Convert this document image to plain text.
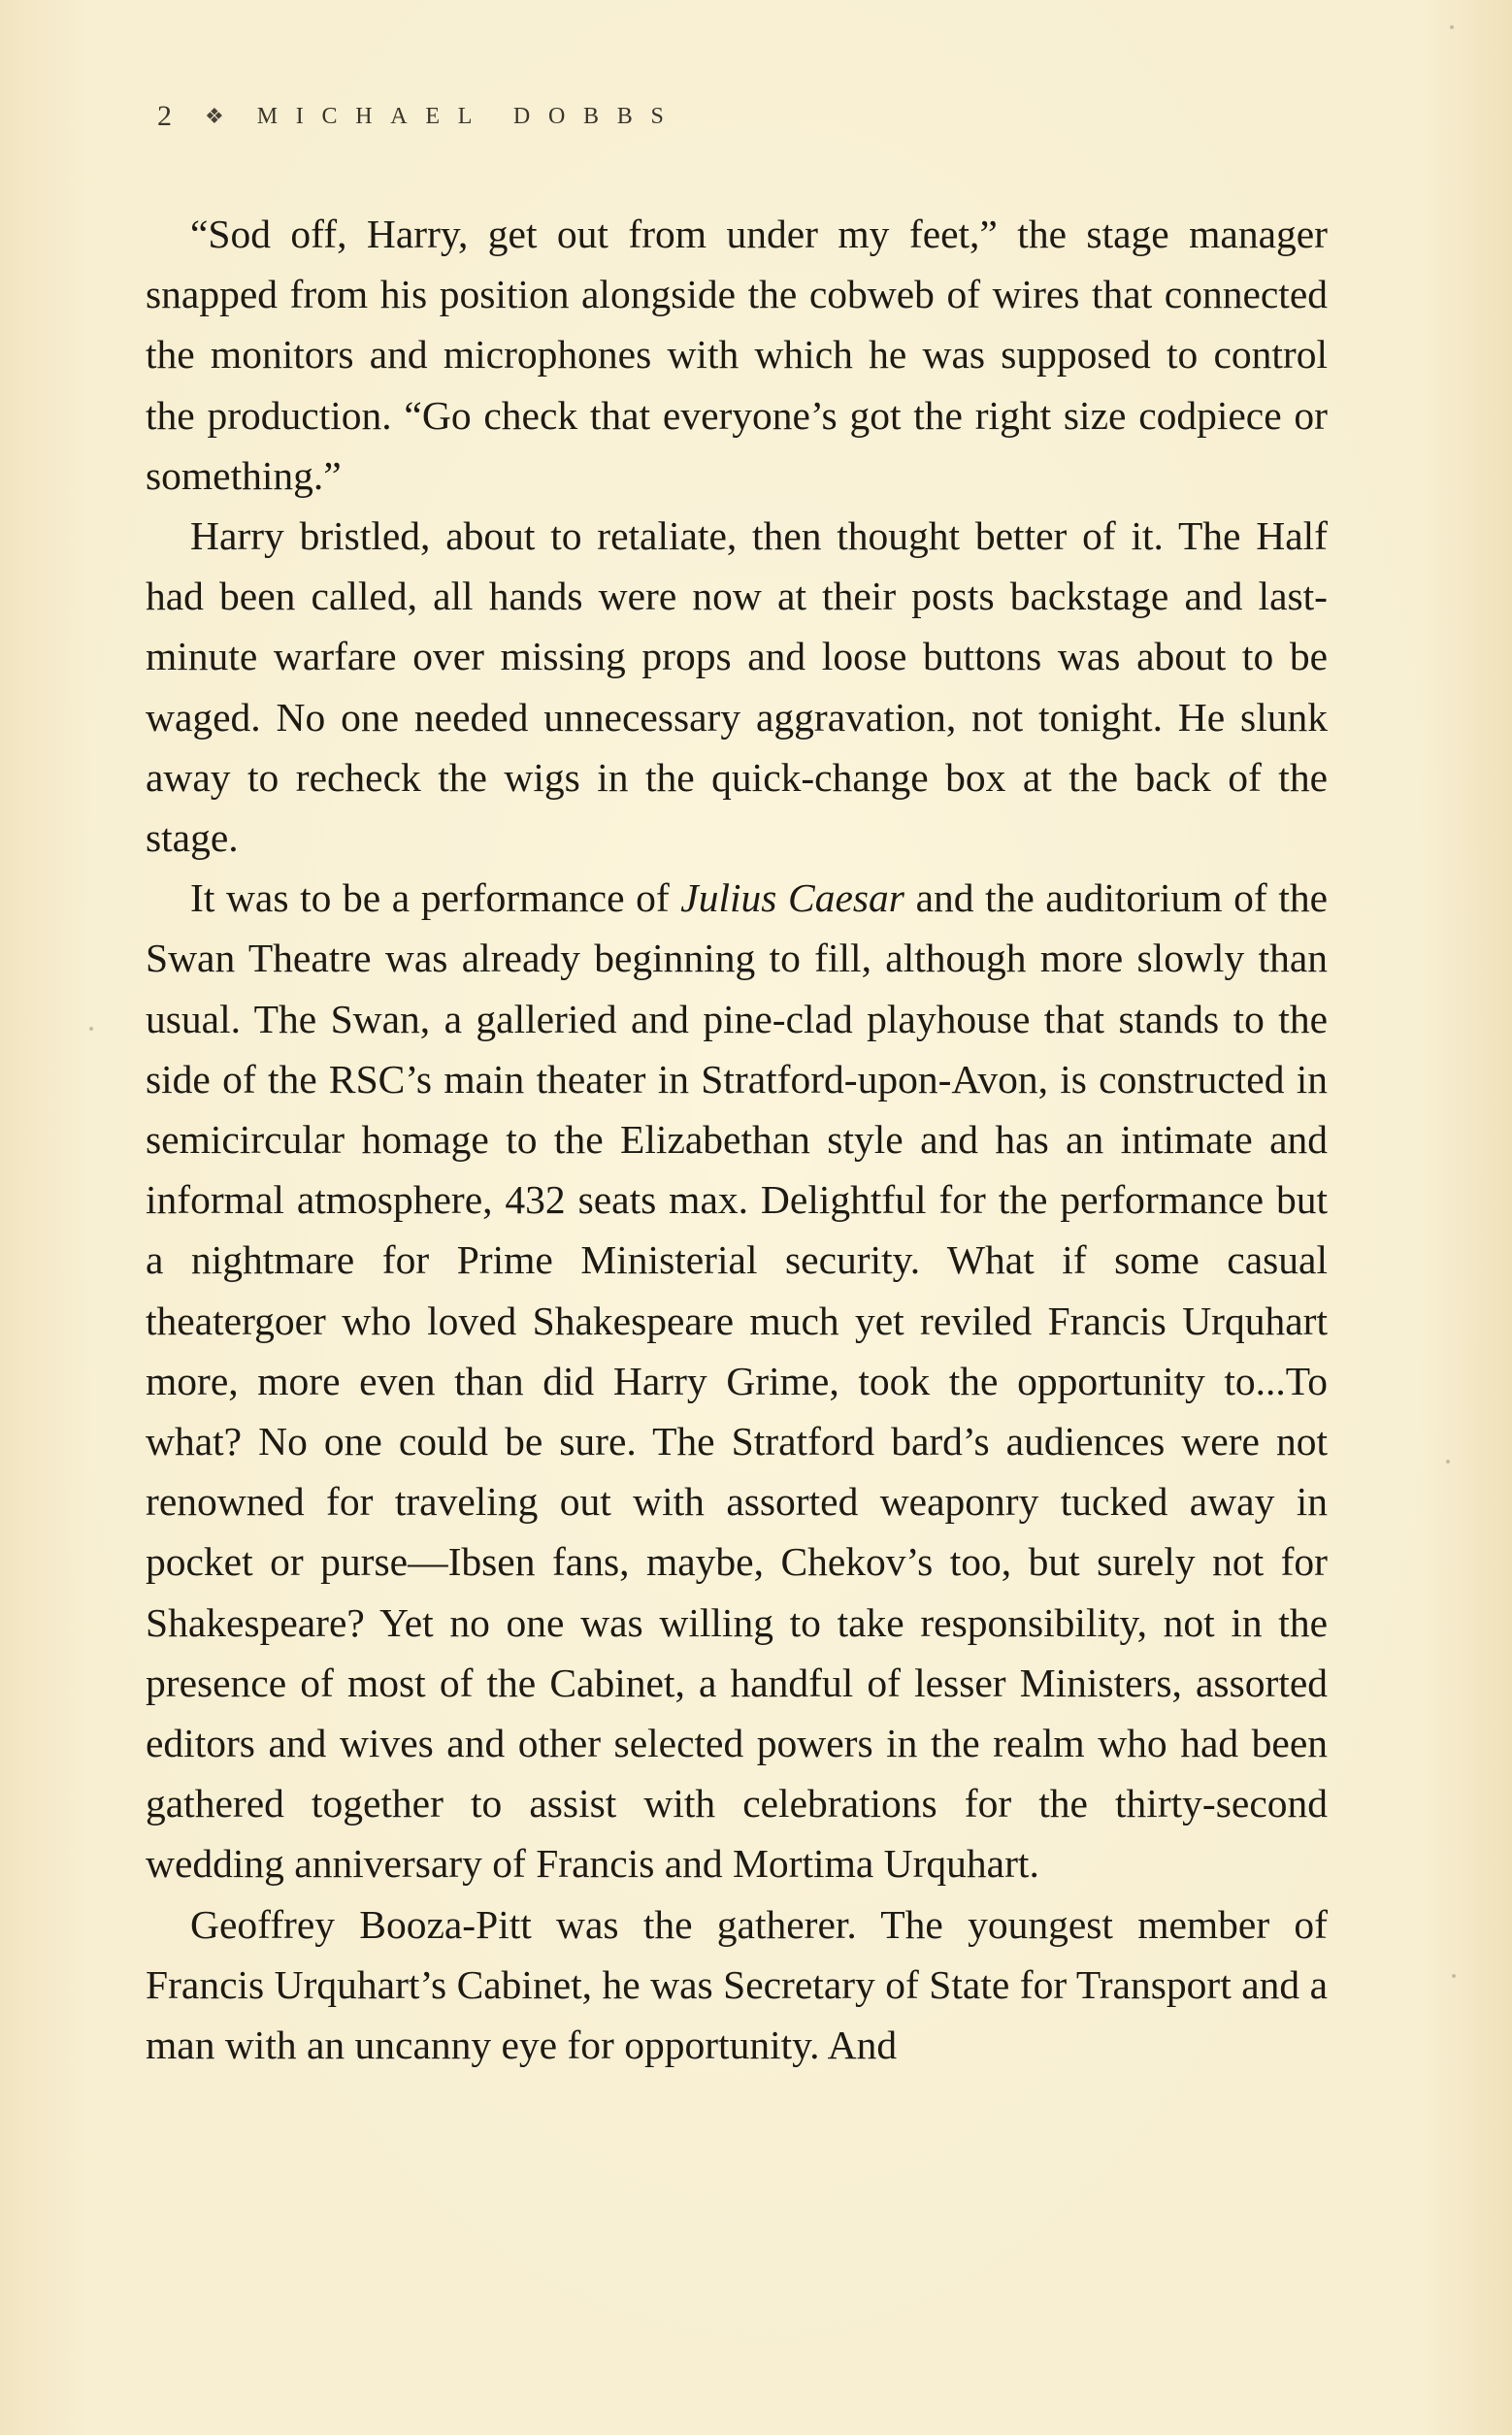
2 ❖ MICHAEL DOBBS

“Sod off, Harry, get out from under my feet,” the stage manager snapped from his position alongside the cobweb of wires that connected the monitors and microphones with which he was supposed to control the production. “Go check that everyone’s got the right size codpiece or something.”

Harry bristled, about to retaliate, then thought better of it. The Half had been called, all hands were now at their posts backstage and last-minute warfare over missing props and loose buttons was about to be waged. No one needed unnecessary aggravation, not tonight. He slunk away to recheck the wigs in the quick-change box at the back of the stage.

It was to be a performance of Julius Caesar and the auditorium of the Swan Theatre was already beginning to fill, although more slowly than usual. The Swan, a galleried and pine-clad playhouse that stands to the side of the RSC’s main theater in Stratford-upon-Avon, is constructed in semicircular homage to the Elizabethan style and has an intimate and informal atmosphere, 432 seats max. Delightful for the performance but a nightmare for Prime Ministerial security. What if some casual theatergoer who loved Shakespeare much yet reviled Francis Urquhart more, more even than did Harry Grime, took the opportunity to...To what? No one could be sure. The Stratford bard’s audiences were not renowned for traveling out with assorted weaponry tucked away in pocket or purse—Ibsen fans, maybe, Chekov’s too, but surely not for Shakespeare? Yet no one was willing to take responsibility, not in the presence of most of the Cabinet, a handful of lesser Ministers, assorted editors and wives and other selected powers in the realm who had been gathered together to assist with celebrations for the thirty-second wedding anniversary of Francis and Mortima Urquhart.

Geoffrey Booza-Pitt was the gatherer. The youngest member of Francis Urquhart’s Cabinet, he was Secretary of State for Transport and a man with an uncanny eye for opportunity. And
